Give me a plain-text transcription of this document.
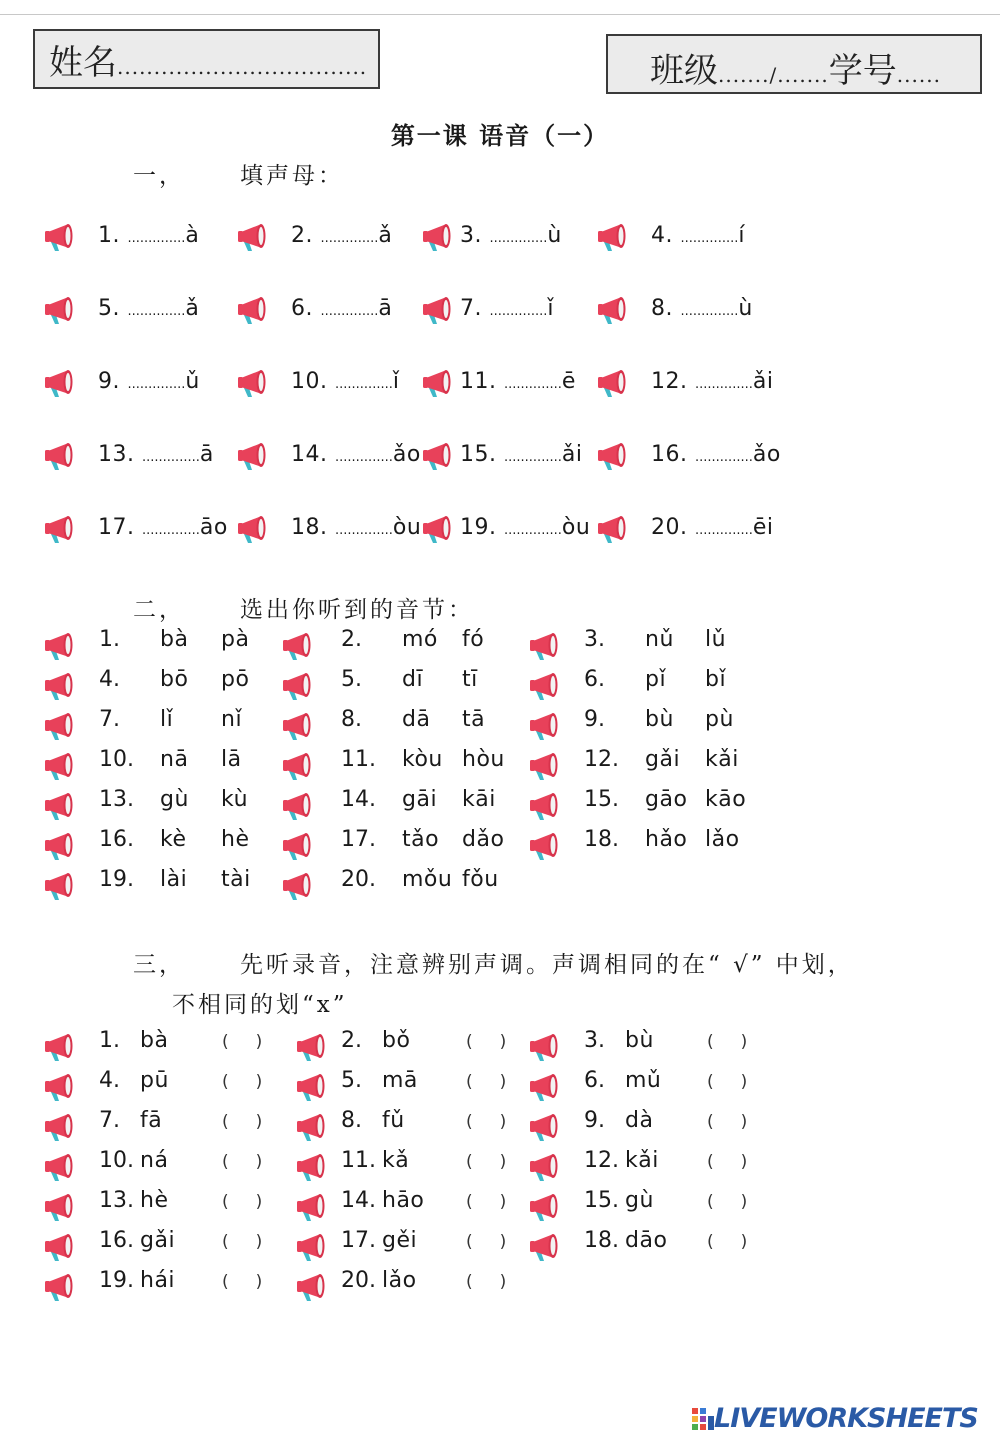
姓名..................................	班级......./.......学号......
第一课 语音（一）
一， 填声母：
二， 选出你听到的音节：
三， 先听录音，注意辨别声调。声调相同的在“ √” 中划，
不相同的划“x”
1. ..............à	2. ..............ǎ	3. ..............ù	4. ..............í
5. ..............ǎ	6. ..............ā	7. ..............ǐ	8. ..............ù
9. ..............ǔ	10. ..............ǐ	11. ..............ē	12. ..............ǎi
13. ..............ā	14. ..............ǎo 15. ..............ǎi	16. ..............ǎo
17. ..............āo	18. ..............òu 19. ..............òu	20. ..............ēi
1. bà pà	2. mó fó	3. nǔ lǔ
4. bō pō	5. dī tī	6. pǐ bǐ
7. lǐ nǐ	8. dā tā	9. bù pù
10. nā lā	11. kòu hòu	12. gǎi kǎi
13. gù kù	14. gāi kāi	15. gāo kāo
16. kè hè	17. tǎo dǎo	18. hǎo lǎo
19. lài tài	20. mǒu fǒu
1. bà	(     )	2. bǒ	(     )	3. bù	(     )
4. pū	(     )	5. mā	(     )	6. mǔ	(     )
7. fā	(     )	8. fǔ	(     )	9. dà	(     )
10. ná	(     )	11. kǎ	(     )	12. kǎi	(     )
13. hè	(     )	14. hāo (     )	15. gù	(     )
16. gǎi	(     )	17. gěi	(     )	18. dāo (     )
19. hái	(     )	20. lǎo	(     )
LIVEWORKSHEETS
